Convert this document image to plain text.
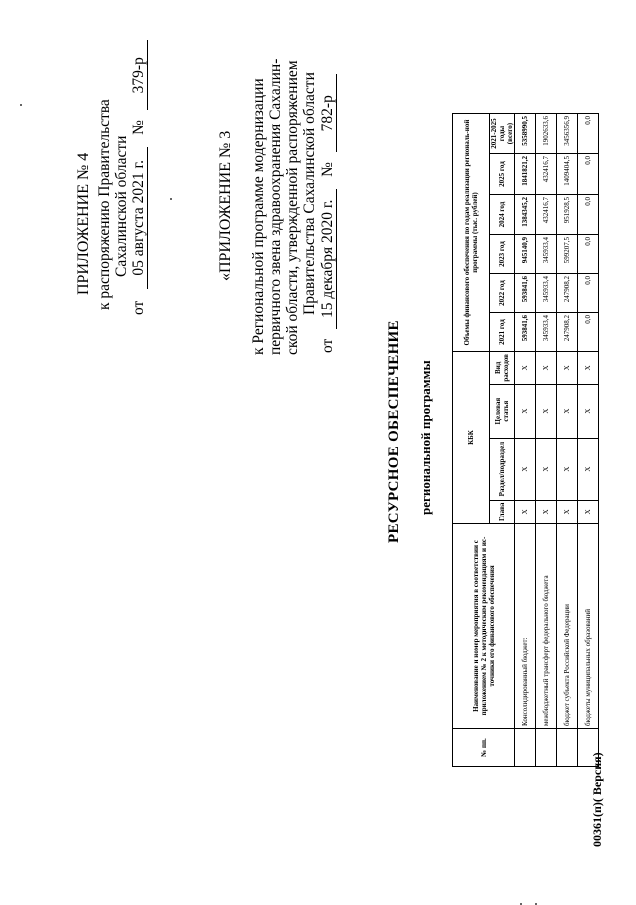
ПРИЛОЖЕНИЕ № 4 к распоряжению Правительства Сахалинской области
от 05 августа 2021 г. № 379-р
«ПРИЛОЖЕНИЕ № 3 к Региональной программе модернизации первичного звена здравоохранения Сахалин- ской области, утвержденной распоряжением Правительства Сахалинской области
от 15 декабря 2020 г. № 782-р
РЕСУРСНОЕ ОБЕСПЕЧЕНИЕ региональной программы
№ пп.	Наименование и номер мероприятия в соответствии с приложением № 2 к методическим рекомендациям и ис-точники его финансового обеспечения	КБК				Объемы финансового обеспечения по годам реализации региональ-ной программы (тыс. рублей)					
		Глава	Раздел/подраздел	Целевая статья	Вид расходов	2021 год	2022 год	2023 год	2024 год	2025 год	2021-2025 годы (всего)
	Консолидированный бюджет:	Х	Х	Х	Х	593841,6	593841,6	945140,9	1384345,2	1841821,2	5358990,5
	межбюджетный трансферт федерального бюджета	Х	Х	Х	Х	345933,4	345933,4	345933,4	432416,7	432416,7	1902633,6
	бюджет субъекта Российской Федерации	Х	Х	Х	Х	247908,2	247908,2	599207,5	951928,5	1409404,5	3456356,9
	бюджеты муниципальных образований	Х	Х	Х	Х	0,0	0,0	0,0	0,0	0,0	0,0
00361(п)( Версия)
